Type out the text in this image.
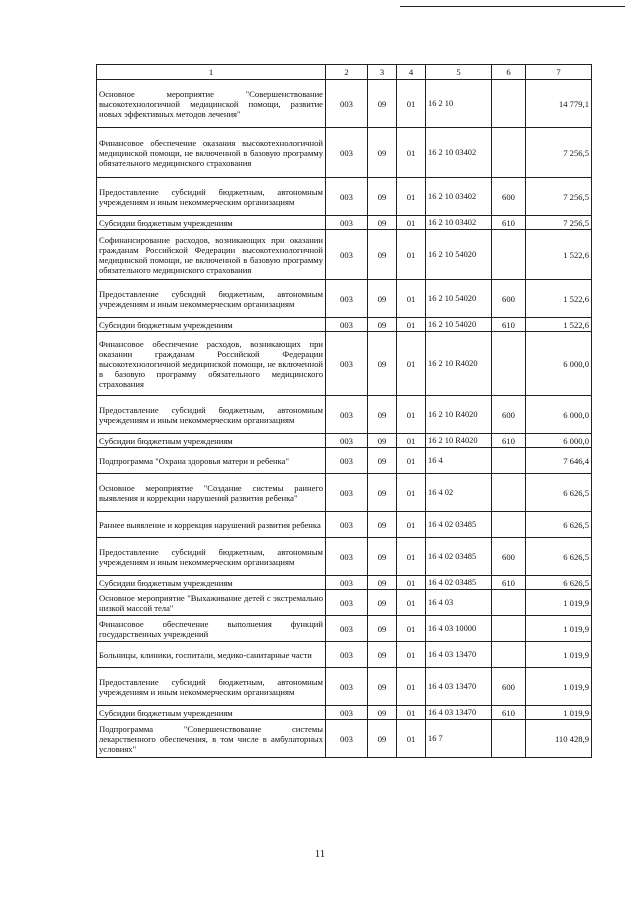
1	2	3	4	5	6	7
Основное мероприятие "Совершенствование высокотехнологичной медицинской помощи, развитие новых эффективных методов лечения"	003	09	01	16 2 10		14 779,1
Финансовое обеспечение оказания высокотехнологичной медицинской помощи, не включенной в базовую программу обязательного медицинского страхования	003	09	01	16 2 10 03402		7 256,5
Предоставление субсидий бюджетным, автономным учреждениям и иным некоммерческим организациям	003	09	01	16 2 10 03402	600	7 256,5
Субсидии бюджетным учреждениям	003	09	01	16 2 10 03402	610	7 256,5
Софинансирование расходов, возникающих при оказании гражданам Российской Федерации высокотехнологичной медицинской помощи, не включенной в базовую программу обязательного медицинского страхования	003	09	01	16 2 10 54020		1 522,6
Предоставление субсидий бюджетным, автономным учреждениям и иным некоммерческим организациям	003	09	01	16 2 10 54020	600	1 522,6
Субсидии бюджетным учреждениям	003	09	01	16 2 10 54020	610	1 522,6
Финансовое обеспечение расходов, возникающих при оказании гражданам Российской Федерации высокотехнологичной медицинской помощи, не включенной в базовую программу обязательного медицинского страхования	003	09	01	16 2 10 R4020		6 000,0
Предоставление субсидий бюджетным, автономным учреждениям и иным некоммерческим организациям	003	09	01	16 2 10 R4020	600	6 000,0
Субсидии бюджетным учреждениям	003	09	01	16 2 10 R4020	610	6 000,0
Подпрограмма "Охрана здоровья матери и ребенка"	003	09	01	16 4		7 646,4
Основное мероприятие "Создание системы раннего выявления и коррекции нарушений развития ребенка"	003	09	01	16 4 02		6 626,5
Раннее выявление и коррекция нарушений развития ребенка	003	09	01	16 4 02 03485		6 626,5
Предоставление субсидий бюджетным, автономным учреждениям и иным некоммерческим организациям	003	09	01	16 4 02 03485	600	6 626,5
Субсидии бюджетным учреждениям	003	09	01	16 4 02 03485	610	6 626,5
Основное мероприятие "Выхаживание детей с экстремально низкой массой тела"	003	09	01	16 4 03		1 019,9
Финансовое обеспечение выполнения функций государственных учреждений	003	09	01	16 4 03 10000		1 019,9
Больницы, клиники, госпитали, медико-санитарные части	003	09	01	16 4 03 13470		1 019,9
Предоставление субсидий бюджетным, автономным учреждениям и иным некоммерческим организациям	003	09	01	16 4 03 13470	600	1 019,9
Субсидии бюджетным учреждениям	003	09	01	16 4 03 13470	610	1 019,9
Подпрограмма "Совершенствование системы лекарственного обеспечения, в том числе в амбулаторных условиях"	003	09	01	16 7		110 428,9
11
